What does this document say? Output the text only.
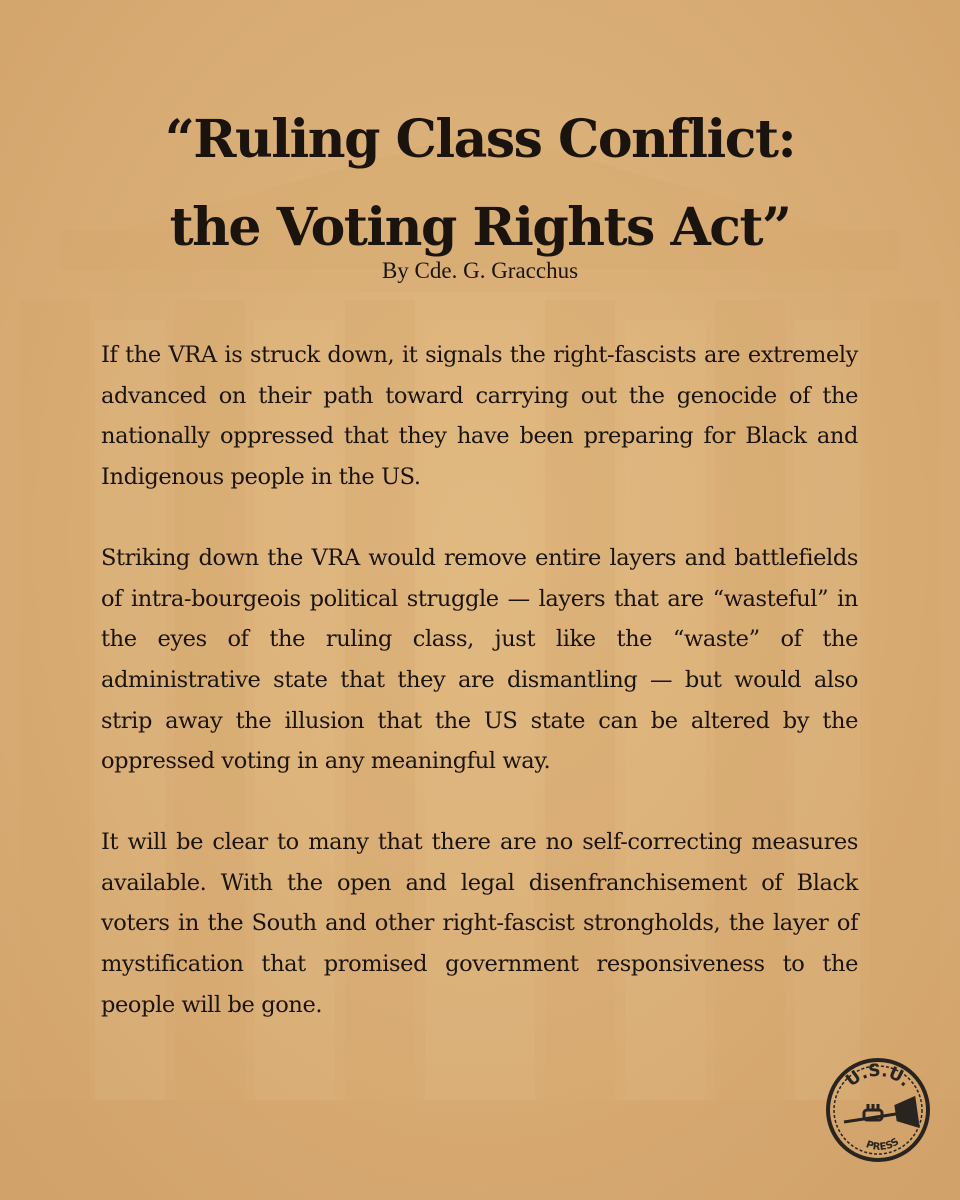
“Ruling Class Conflict:
the Voting Rights Act”
By Cde. G. Gracchus

If the VRA is struck down, it signals the right-fascists are extremely advanced on their path toward carrying out the genocide of the nationally oppressed that they have been preparing for Black and Indigenous people in the US.

Striking down the VRA would remove entire layers and battlefields of intra-bourgeois political struggle — layers that are “wasteful” in the eyes of the ruling class, just like the “waste” of the administrative state that they are dismantling — but would also strip away the illusion that the US state can be altered by the oppressed voting in any meaningful way.

It will be clear to many that there are no self-correcting measures available. With the open and legal disenfranchisement of Black voters in the South and other right-fascist strongholds, the layer of mystification that promised government responsiveness to the people will be gone.

U.S.U.
PRESS
